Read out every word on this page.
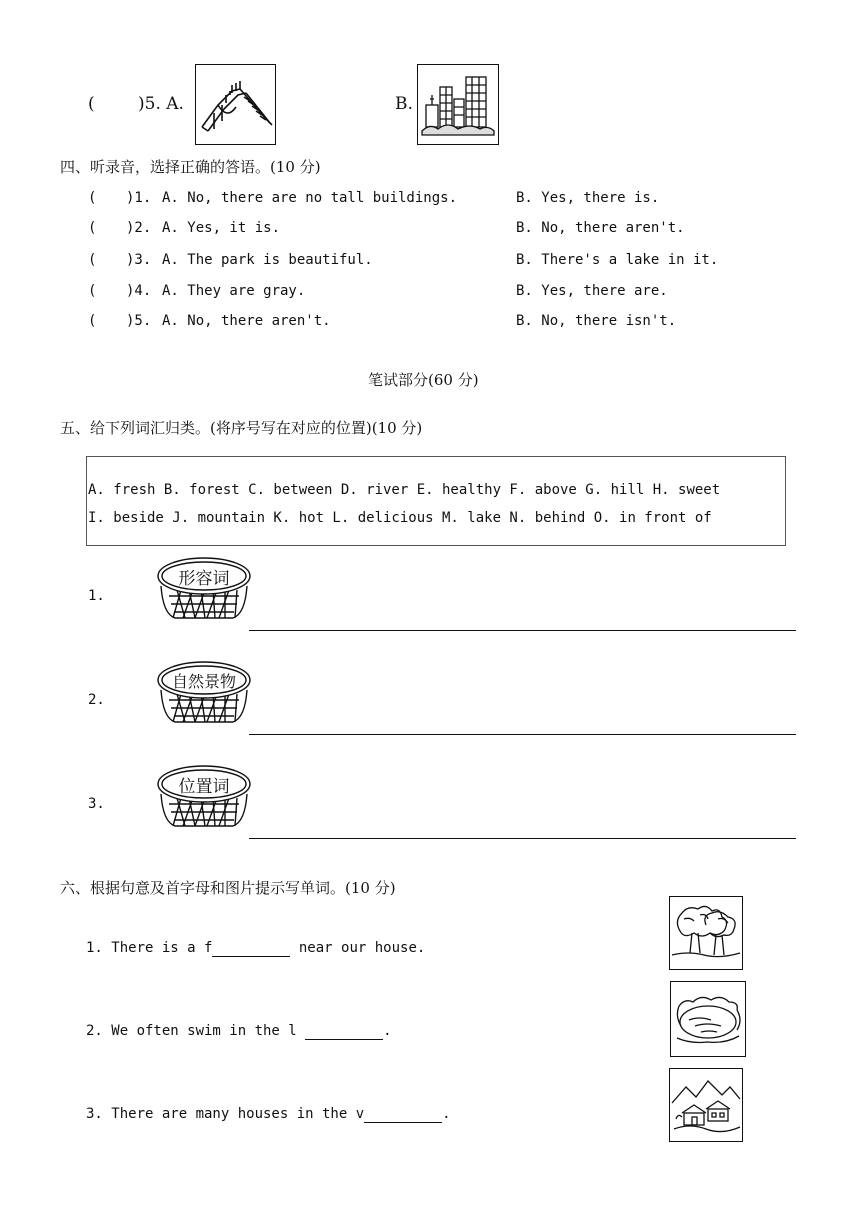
(	)5. A.	B.
四、听录音，选择正确的答语。(10 分)
( )1. A. No, there are no tall buildings.	B. Yes, there is.
( )2. A. Yes, it is.	B. No, there aren't.
( )3. A. The park is beautiful.	B. There's a lake in it.
( )4. A. They are gray.	B. Yes, there are.
( )5. A. No, there aren't.	B. No, there isn't.
笔试部分(60 分)
五、给下列词汇归类。(将序号写在对应的位置)(10 分)
A. fresh B. forest C. between D. river E. healthy F. above G. hill H. sweet
I. beside J. mountain K. hot L. delicious M. lake N. behind O. in front of
1.
形容词
2.
自然景物
3.
位置词
六、根据句意及首字母和图片提示写单词。(10 分)
1. There is a f	near our house.
2. We often swim in the l	.
3. There are many houses in the v	.
